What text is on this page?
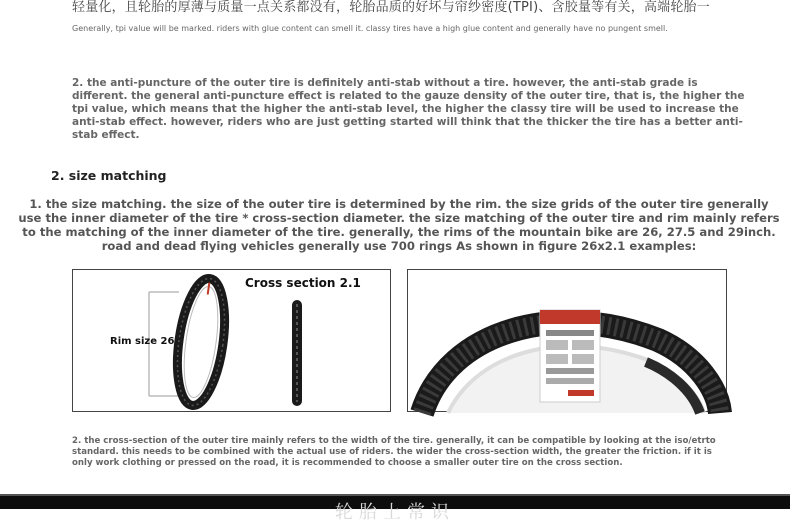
轻量化，且轮胎的厚薄与质量一点关系都没有，轮胎品质的好坏与帘纱密度(TPI)、含胶量等有关，高端轮胎一
Generally, tpi value will be marked. riders with glue content can smell it. classy tires have a high glue content and generally have no pungent smell.

2. the anti-puncture of the outer tire is definitely anti-stab without a tire. however, the anti-stab grade is different. the general anti-puncture effect is related to the gauze density of the outer tire, that is, the higher the tpi value, which means that the higher the anti-stab level, the higher the classy tire will be used to increase the anti-stab effect. however, riders who are just getting started will think that the thicker the tire has a better anti-stab effect.

2. size matching

1. the size matching. the size of the outer tire is determined by the rim. the size grids of the outer tire generally use the inner diameter of the tire * cross-section diameter. the size matching of the outer tire and rim mainly refers to the matching of the inner diameter of the tire. generally, the rims of the mountain bike are 26, 27.5 and 29inch. road and dead flying vehicles generally use 700 rings As shown in figure 26x2.1 examples:

Cross section 2.1
Rim size 26

2. the cross-section of the outer tire mainly refers to the width of the tire. generally, it can be compatible by looking at the iso/etrto standard. this needs to be combined with the actual use of riders. the wider the cross-section width, the greater the friction. if it is only work clothing or pressed on the road, it is recommended to choose a smaller outer tire on the cross section.

轮胎上常识
